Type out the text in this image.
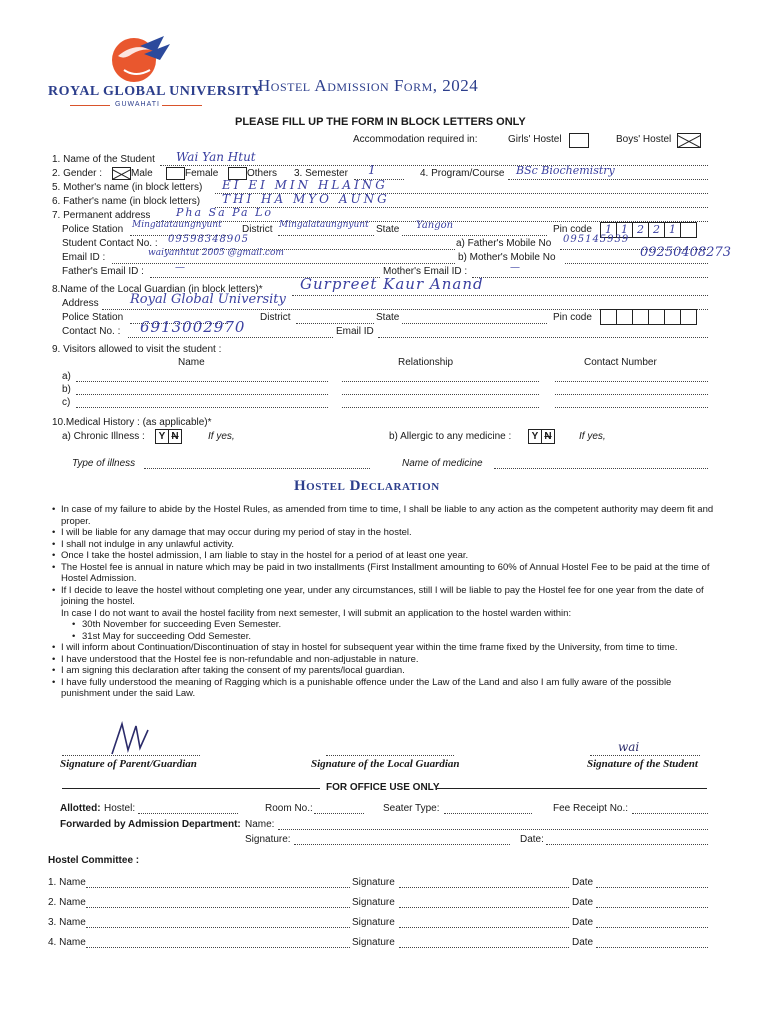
ROYAL GLOBAL UNIVERSITY
GUWAHATI
Hostel Admission Form, 2024
PLEASE FILL UP THE FORM IN BLOCK LETTERS ONLY
Accommodation required in:	Girls' Hostel	Boys' Hostel
1. Name of the Student Wai Yan Htut
2. Gender :	Male	Female	Others 3. Semester 1	4. Program/Course BSc Biochemistry
5. Mother's name (in block letters) EI EI MIN HLAING
6. Father's name (in block letters) THI HA MYO AUNG
7. Permanent address Pha Sa Pa Lo
Police Station Mingalataungnyunt District Mingalataungnyunt State Yangon	Pin code	1 1 2 2 1
Student Contact No. : 09598348905	a) Father's Mobile No 095145939
Email ID :	waiyanhtut 2005 @gmail.com	b) Mother's Mobile No	09250408273
Father's Email ID :	—	Mother's Email ID :	—
8.Name of the Local Guardian (in block letters)* Gurpreet Kaur Anand
Address Royal Global University
Police Station	District	State	Pin code
Contact No. : 6913002970	Email ID
9. Visitors allowed to visit the student :
Name	Relationship	Contact Number
a)
b)
c)
10.Medical History : (as applicable)*
a) Chronic Illness : Y N	If yes,	b) Allergic to any medicine : Y N	If yes,
Type of illness	Name of medicine
Hostel Declaration
• In case of my failure to abide by the Hostel Rules, as amended from time to time, I shall be liable to any action as the competent authority may deem fit and proper.
• I will be liable for any damage that may occur during my period of stay in the hostel.
• I shall not indulge in any unlawful activity.
• Once I take the hostel admission, I am liable to stay in the hostel for a period of at least one year.
• The Hostel fee is annual in nature which may be paid in two installments (First Installment amounting to 60% of Annual Hostel Fee to be paid at the time of Hostel Admission.
• If I decide to leave the hostel without completing one year, under any circumstances, still I will be liable to pay the Hostel fee for one year from the date of joining the hostel.
In case I do not want to avail the hostel facility from next semester, I will submit an application to the hostel warden within:
• 30th November for succeeding Even Semester.
• 31st May for succeeding Odd Semester.
• I will inform about Continuation/Discontinuation of stay in hostel for subsequent year within the time frame fixed by the University, from time to time.
• I have understood that the Hostel fee is non-refundable and non-adjustable in nature.
• I am signing this declaration after taking the consent of my parents/local guardian.
• I have fully understood the meaning of Ragging which is a punishable offence under the Law of the Land and also I am fully aware of the possible punishment under the said Law.
Signature of Parent/Guardian	Signature of the Local Guardian
wai
Signature of the Student
FOR OFFICE USE ONLY
Allotted: Hostel:	Room No.:	Seater Type:	Fee Receipt No.:
Forwarded by Admission Department: Name:
Signature:	Date:
Hostel Committee :
1. Name	Signature	Date
2. Name	Signature	Date
3. Name	Signature	Date
4. Name	Signature	Date
